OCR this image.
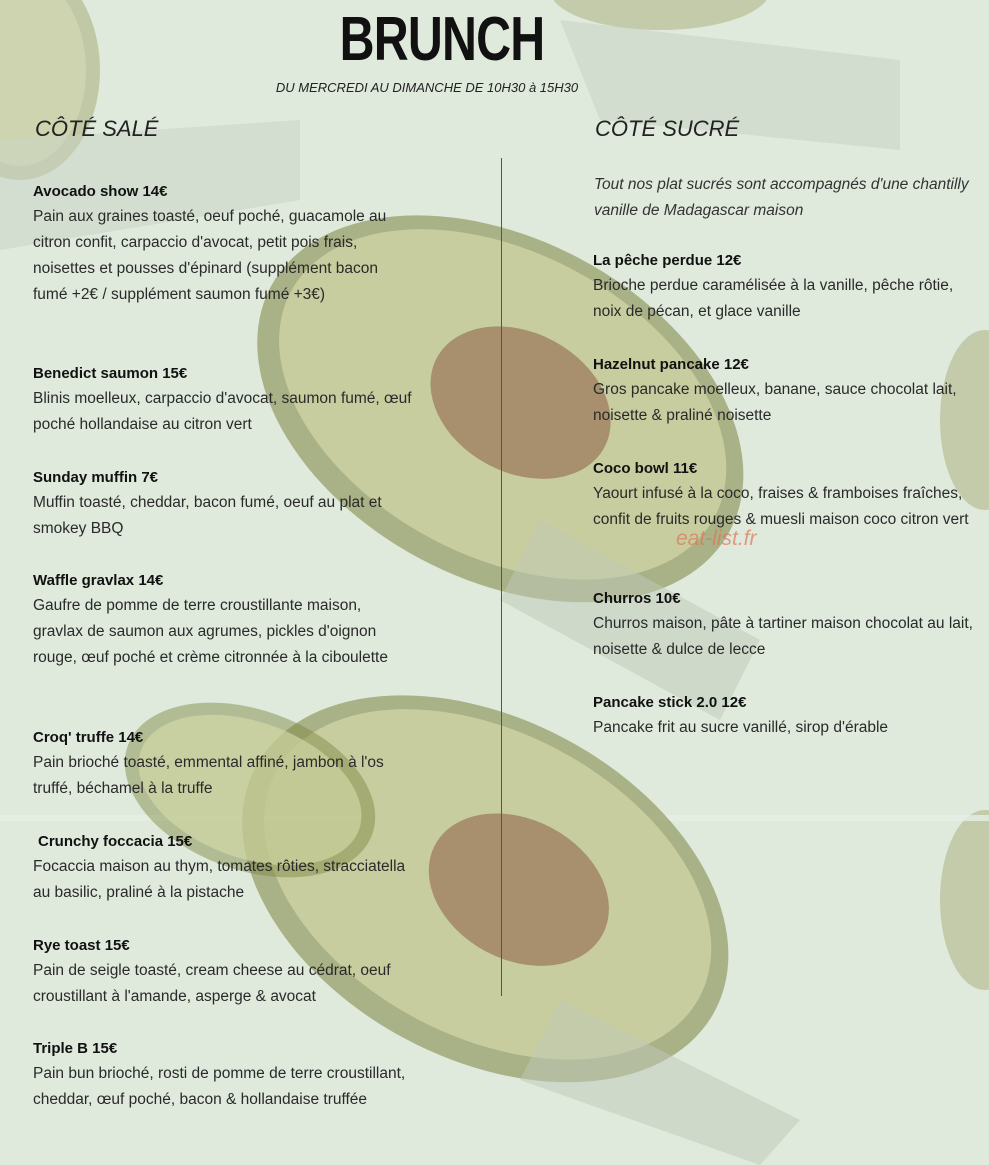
BRUNCH
DU MERCREDI AU DIMANCHE DE 10H30 à 15H30
CÔTÉ SALÉ	CÔTÉ SUCRÉ
Avocado show 14€
Pain aux graines toasté, oeuf poché, guacamole au citron confit, carpaccio d'avocat, petit pois frais, noisettes et pousses d'épinard (supplément bacon fumé +2€ / supplément saumon fumé +3€)
Benedict saumon 15€
Blinis moelleux, carpaccio d'avocat, saumon fumé, œuf poché hollandaise au citron vert
Sunday muffin 7€
Muffin toasté, cheddar, bacon fumé, oeuf au plat et smokey BBQ
Waffle gravlax 14€
Gaufre de pomme de terre croustillante maison, gravlax de saumon aux agrumes, pickles d'oignon rouge, œuf poché et crème citronnée à la ciboulette
Croq' truffe 14€
Pain brioché toasté, emmental affiné, jambon à l'os truffé, béchamel à la truffe
Crunchy foccacia 15€
Focaccia maison au thym, tomates rôties, stracciatella au basilic, praliné à la pistache
Rye toast 15€
Pain de seigle toasté, cream cheese au cédrat, oeuf croustillant à l'amande, asperge & avocat
Triple B 15€
Pain bun brioché, rosti de pomme de terre croustillant, cheddar, œuf poché, bacon & hollandaise truffée
Tout nos plat sucrés sont accompagnés d'une chantilly vanille de Madagascar maison
La pêche perdue 12€
Brioche perdue caramélisée à la vanille, pêche rôtie, noix de pécan, et glace vanille
Hazelnut pancake 12€
Gros pancake moelleux, banane, sauce chocolat lait, noisette & praliné noisette
Coco bowl 11€
Yaourt infusé à la coco, fraises & framboises fraîches, confit de fruits rouges & muesli maison coco citron vert
Churros 10€
Churros maison, pâte à tartiner maison chocolat au lait, noisette & dulce de lecce
Pancake stick 2.0 12€
Pancake frit au sucre vanillé, sirop d'érable
eat-list.fr
